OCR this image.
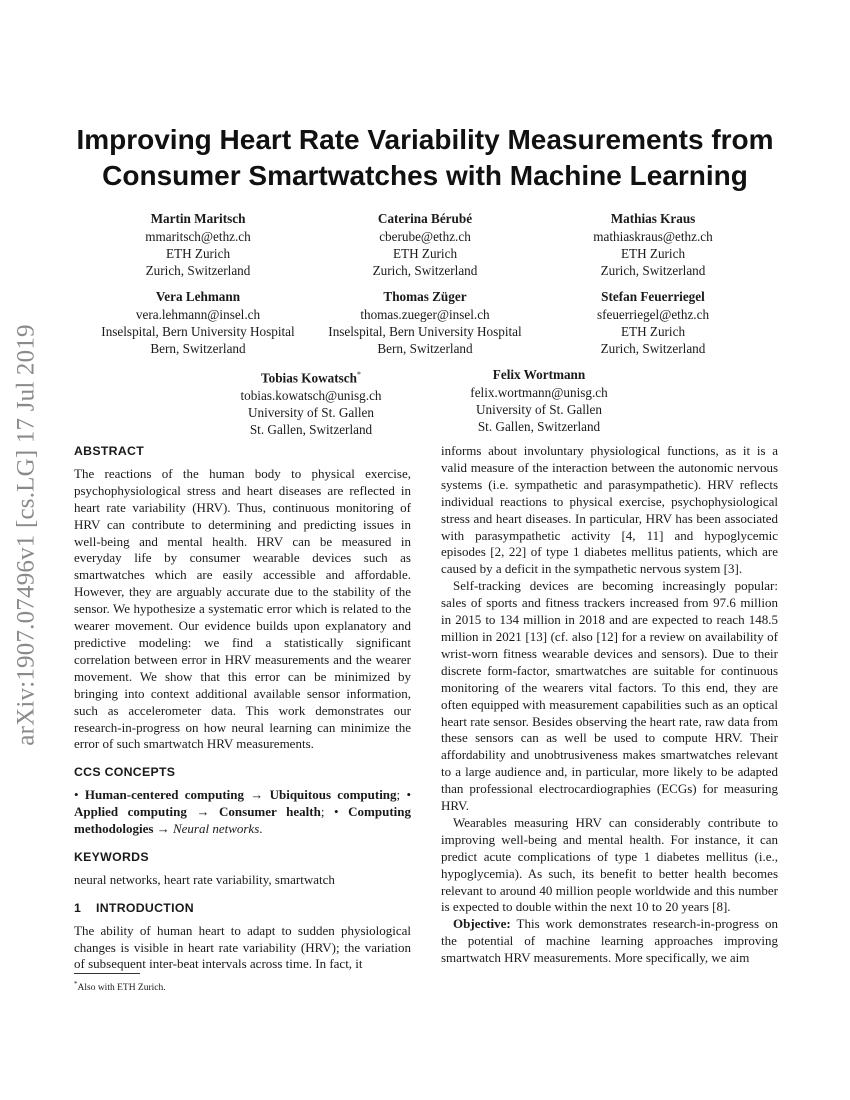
arXiv:1907.07496v1 [cs.LG] 17 Jul 2019
Improving Heart Rate Variability Measurements from
Consumer Smartwatches with Machine Learning
Martin Maritsch
mmaritsch@ethz.ch
ETH Zurich
Zurich, Switzerland
Caterina Bérubé
cberube@ethz.ch
ETH Zurich
Zurich, Switzerland
Mathias Kraus
mathiaskraus@ethz.ch
ETH Zurich
Zurich, Switzerland
Vera Lehmann
vera.lehmann@insel.ch
Inselspital, Bern University Hospital
Bern, Switzerland
Thomas Züger
thomas.zueger@insel.ch
Inselspital, Bern University Hospital
Bern, Switzerland
Stefan Feuerriegel
sfeuerriegel@ethz.ch
ETH Zurich
Zurich, Switzerland
Tobias Kowatsch*
tobias.kowatsch@unisg.ch
University of St. Gallen
St. Gallen, Switzerland
Felix Wortmann
felix.wortmann@unisg.ch
University of St. Gallen
St. Gallen, Switzerland
ABSTRACT

The reactions of the human body to physical exercise, psychophysiological stress and heart diseases are reflected in heart rate variability (HRV). Thus, continuous monitoring of HRV can contribute to determining and predicting issues in well-being and mental health. HRV can be measured in everyday life by consumer wearable devices such as smartwatches which are easily accessible and affordable. However, they are arguably accurate due to the stability of the sensor. We hypothesize a systematic error which is related to the wearer movement. Our evidence builds upon explanatory and predictive modeling: we find a statistically significant correlation between error in HRV measurements and the wearer movement. We show that this error can be minimized by bringing into context additional available sensor information, such as accelerometer data. This work demonstrates our research-in-progress on how neural learning can minimize the error of such smartwatch HRV measurements.

CCS CONCEPTS

• Human-centered computing → Ubiquitous computing; • Applied computing → Consumer health; • Computing methodologies → Neural networks.

KEYWORDS

neural networks, heart rate variability, smartwatch

1 INTRODUCTION

The ability of human heart to adapt to sudden physiological changes is visible in heart rate variability (HRV); the variation of subsequent inter-beat intervals across time. In fact, it

*Also with ETH Zurich.

informs about involuntary physiological functions, as it is a valid measure of the interaction between the autonomic nervous systems (i.e. sympathetic and parasympathetic). HRV reflects individual reactions to physical exercise, psychophysiological stress and heart diseases. In particular, HRV has been associated with parasympathetic activity [4, 11] and hypoglycemic episodes [2, 22] of type 1 diabetes mellitus patients, which are caused by a deficit in the sympathetic nervous system [3].

Self-tracking devices are becoming increasingly popular: sales of sports and fitness trackers increased from 97.6 million in 2015 to 134 million in 2018 and are expected to reach 148.5 million in 2021 [13] (cf. also [12] for a review on availability of wrist-worn fitness wearable devices and sensors). Due to their discrete form-factor, smartwatches are suitable for continuous monitoring of the wearers vital factors. To this end, they are often equipped with measurement capabilities such as an optical heart rate sensor. Besides observing the heart rate, raw data from these sensors can as well be used to compute HRV. Their affordability and unobtrusiveness makes smartwatches relevant to a large audience and, in particular, more likely to be adapted than professional electrocardiographies (ECGs) for measuring HRV.

Wearables measuring HRV can considerably contribute to improving well-being and mental health. For instance, it can predict acute complications of type 1 diabetes mellitus (i.e., hypoglycemia). As such, its benefit to better health becomes relevant to around 40 million people worldwide and this number is expected to double within the next 10 to 20 years [8].

Objective: This work demonstrates research-in-progress on the potential of machine learning approaches improving smartwatch HRV measurements. More specifically, we aim
